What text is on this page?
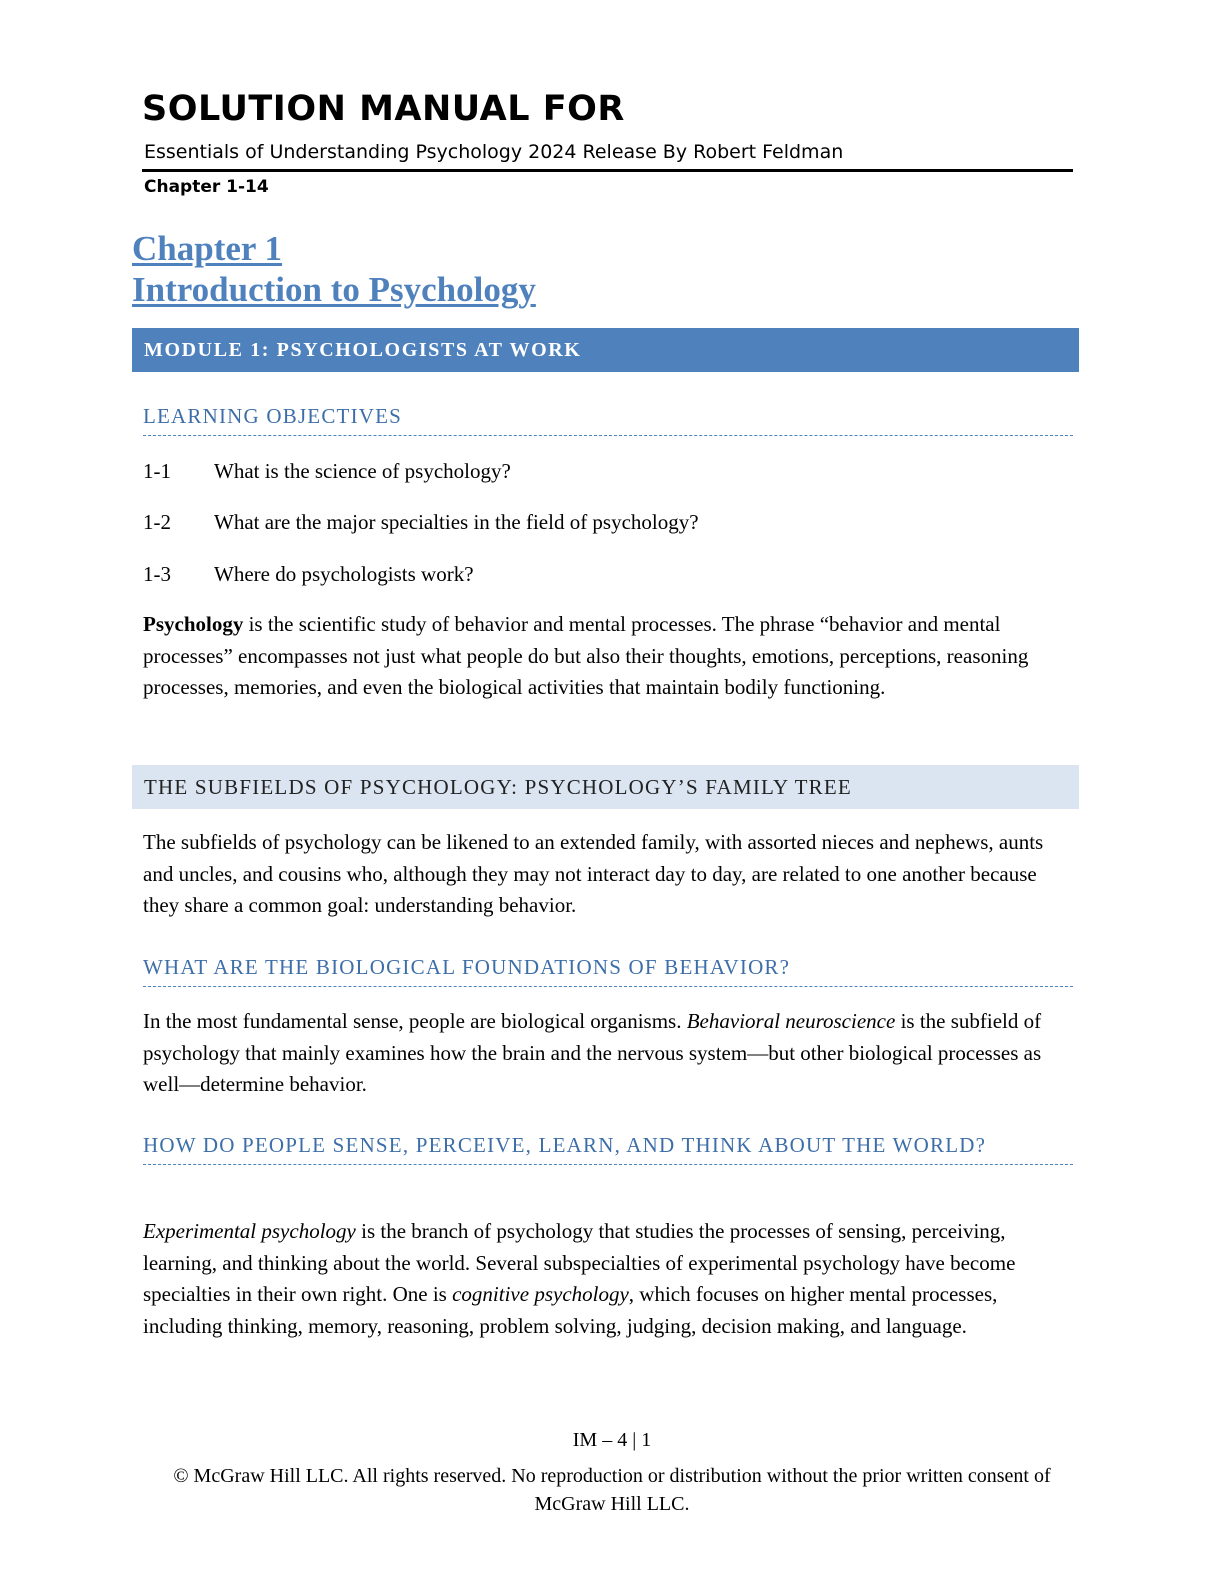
SOLUTION MANUAL FOR
Essentials of Understanding Psychology 2024 Release By Robert Feldman
Chapter 1-14
Chapter 1
Introduction to Psychology
MODULE 1: PSYCHOLOGISTS AT WORK
LEARNING OBJECTIVES
1-1 What is the science of psychology?
1-2 What are the major specialties in the field of psychology?
1-3 Where do psychologists work?

Psychology is the scientific study of behavior and mental processes. The phrase “behavior and mental processes” encompasses not just what people do but also their thoughts, emotions, perceptions, reasoning processes, memories, and even the biological activities that maintain bodily functioning.

THE SUBFIELDS OF PSYCHOLOGY: PSYCHOLOGY’S FAMILY TREE

The subfields of psychology can be likened to an extended family, with assorted nieces and nephews, aunts and uncles, and cousins who, although they may not interact day to day, are related to one another because they share a common goal: understanding behavior.

WHAT ARE THE BIOLOGICAL FOUNDATIONS OF BEHAVIOR?

In the most fundamental sense, people are biological organisms. Behavioral neuroscience is the subfield of psychology that mainly examines how the brain and the nervous system—but other biological processes as well—determine behavior.

HOW DO PEOPLE SENSE, PERCEIVE, LEARN, AND THINK ABOUT THE WORLD?

Experimental psychology is the branch of psychology that studies the processes of sensing, perceiving, learning, and thinking about the world. Several subspecialties of experimental psychology have become specialties in their own right. One is cognitive psychology, which focuses on higher mental processes, including thinking, memory, reasoning, problem solving, judging, decision making, and language.

IM – 4 | 1
© McGraw Hill LLC. All rights reserved. No reproduction or distribution without the prior written consent of McGraw Hill LLC.
